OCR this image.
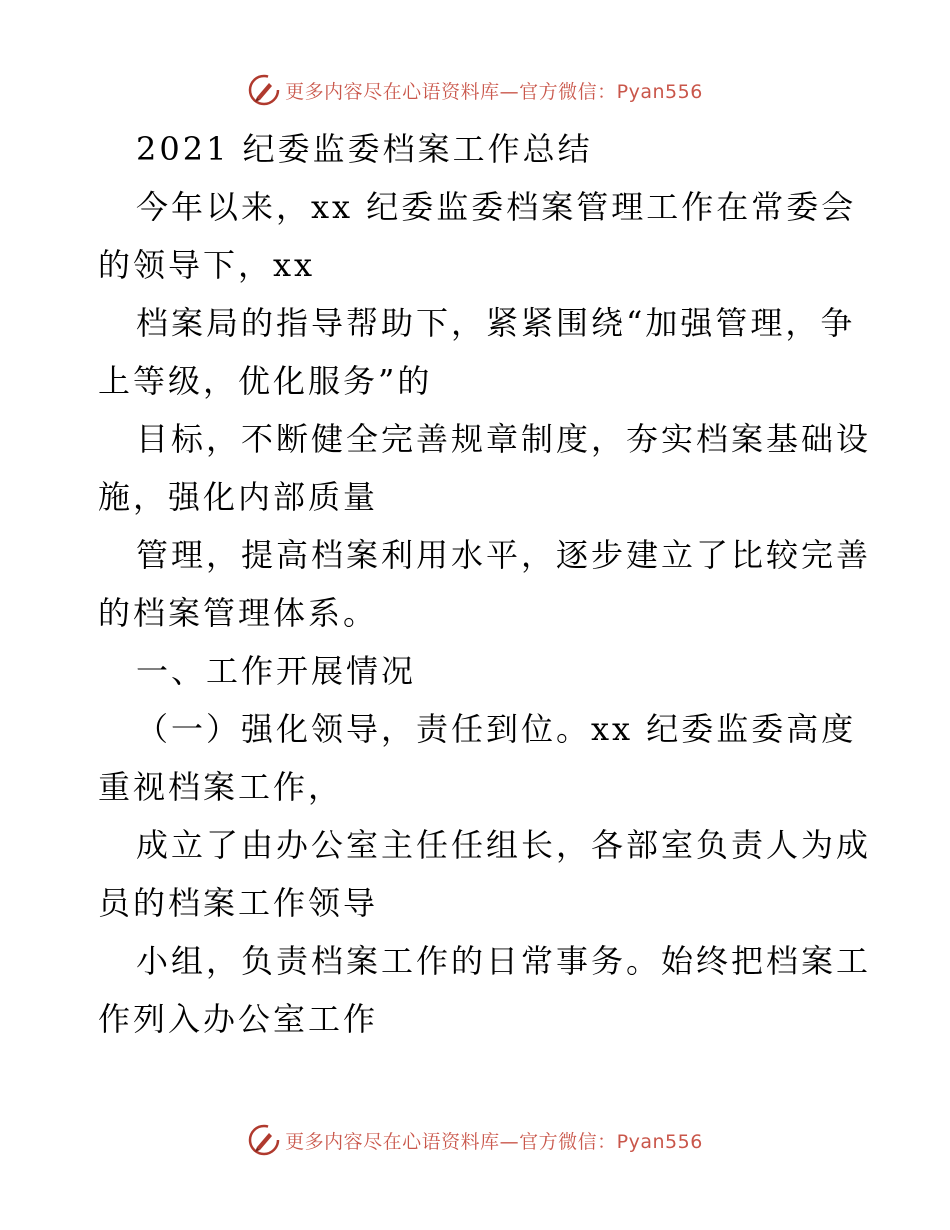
更多内容尽在心语资料库—官方微信：Pyan556
2021 纪委监委档案工作总结
今年以来，xx 纪委监委档案管理工作在常委会
的领导下，xx
档案局的指导帮助下，紧紧围绕“加强管理，争
上等级，优化服务”的
目标，不断健全完善规章制度，夯实档案基础设
施，强化内部质量
管理，提高档案利用水平，逐步建立了比较完善
的档案管理体系。
一、工作开展情况
（一）强化领导，责任到位。xx 纪委监委高度
重视档案工作，
成立了由办公室主任任组长，各部室负责人为成
员的档案工作领导
小组，负责档案工作的日常事务。始终把档案工
作列入办公室工作
更多内容尽在心语资料库—官方微信：Pyan556
